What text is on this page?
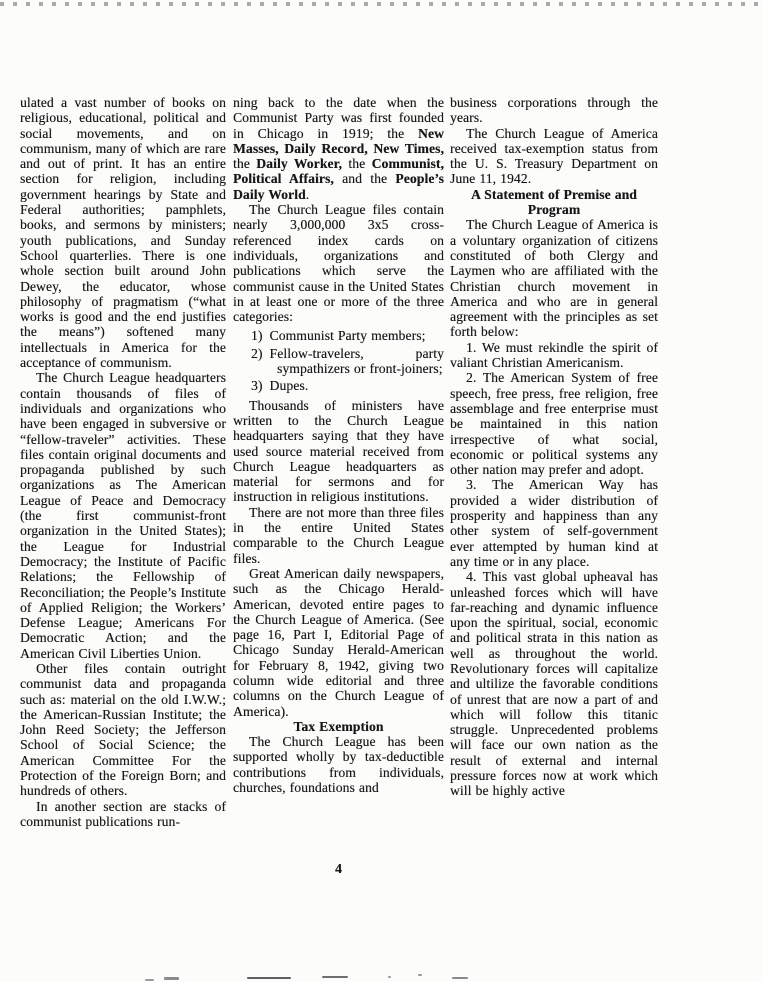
ulated a vast number of books on religious, educational, political and social movements, and on communism, many of which are rare and out of print. It has an entire section for religion, including government hearings by State and Federal authorities; pamphlets, books, and sermons by ministers; youth publications, and Sunday School quarterlies. There is one whole section built around John Dewey, the educator, whose philosophy of pragmatism (“what works is good and the end justifies the means”) softened many intellectuals in America for the acceptance of communism.

The Church League headquarters contain thousands of files of individuals and organizations who have been engaged in subversive or “fellow-traveler” activities. These files contain original documents and propaganda published by such organizations as The American League of Peace and Democracy (the first communist-front organization in the United States); the League for Industrial Democracy; the Institute of Pacific Relations; the Fellowship of Reconciliation; the People’s Institute of Applied Religion; the Workers’ Defense League; Americans For Democratic Action; and the American Civil Liberties Union.

Other files contain outright communist data and propaganda such as: material on the old I.W.W.; the American-Russian Institute; the John Reed Society; the Jefferson School of Social Science; the American Committee For the Protection of the Foreign Born; and hundreds of others.

In another section are stacks of communist publications run-

ning back to the date when the Communist Party was first founded in Chicago in 1919; the New Masses, Daily Record, New Times, the Daily Worker, the Communist, Political Affairs, and the People’s Daily World.

The Church League files contain nearly 3,000,000 3x5 cross-referenced index cards on individuals, organizations and publications which serve the communist cause in the United States in at least one or more of the three categories:

1) Communist Party members;
2) Fellow-travelers, party sympathizers or front-joiners;
3) Dupes.

Thousands of ministers have written to the Church League headquarters saying that they have used source material received from Church League headquarters as material for sermons and for instruction in religious institutions.

There are not more than three files in the entire United States comparable to the Church League files.

Great American daily newspapers, such as the Chicago Herald-American, devoted entire pages to the Church League of America. (See page 16, Part I, Editorial Page of Chicago Sunday Herald-American for February 8, 1942, giving two column wide editorial and three columns on the Church League of America).

Tax Exemption

The Church League has been supported wholly by tax-deductible contributions from individuals, churches, foundations and

business corporations through the years.

The Church League of America received tax-exemption status from the U. S. Treasury Department on June 11, 1942.

A Statement of Premise and Program

The Church League of America is a voluntary organization of citizens constituted of both Clergy and Laymen who are affiliated with the Christian church movement in America and who are in general agreement with the principles as set forth below:

1. We must rekindle the spirit of valiant Christian Americanism.

2. The American System of free speech, free press, free religion, free assemblage and free enterprise must be maintained in this nation irrespective of what social, economic or political systems any other nation may prefer and adopt.

3. The American Way has provided a wider distribution of prosperity and happiness than any other system of self-government ever attempted by human kind at any time or in any place.

4. This vast global upheaval has unleashed forces which will have far-reaching and dynamic influence upon the spiritual, social, economic and political strata in this nation as well as throughout the world. Revolutionary forces will capitalize and ultilize the favorable conditions of unrest that are now a part of and which will follow this titanic struggle. Unprecedented problems will face our own nation as the result of external and internal pressure forces now at work which will be highly active

4
